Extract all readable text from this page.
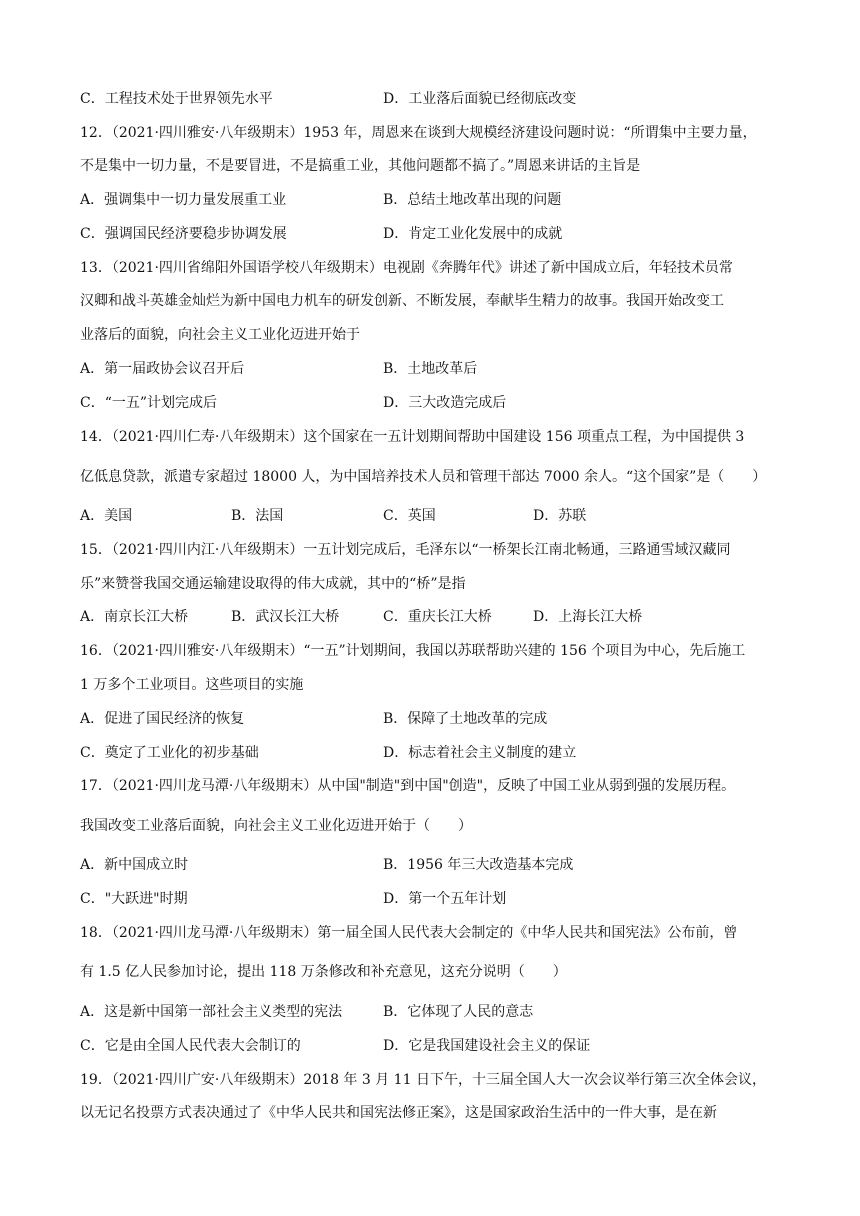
C．工程技术处于世界领先水平	D．工业落后面貌已经彻底改变
12．（2021·四川雅安·八年级期末）1953 年，周恩来在谈到大规模经济建设问题时说：“所谓集中主要力量，
不是集中一切力量，不是要冒进，不是搞重工业，其他问题都不搞了。”周恩来讲话的主旨是
A．强调集中一切力量发展重工业	B．总结土地改革出现的问题
C．强调国民经济要稳步协调发展	D．肯定工业化发展中的成就
13．（2021·四川省绵阳外国语学校八年级期末）电视剧《奔腾年代》讲述了新中国成立后，年轻技术员常
汉卿和战斗英雄金灿烂为新中国电力机车的研发创新、不断发展，奉献毕生精力的故事。我国开始改变工
业落后的面貌，向社会主义工业化迈进开始于
A．第一届政协会议召开后	B．土地改革后
C．“一五”计划完成后	D．三大改造完成后
14．（2021·四川仁寿·八年级期末）这个国家在一五计划期间帮助中国建设 156 项重点工程，为中国提供 3
亿低息贷款，派遣专家超过 18000 人，为中国培养技术人员和管理干部达 7000 余人。“这个国家”是（　　）
A．美国	B．法国	C．英国	D．苏联
15．（2021·四川内江·八年级期末）一五计划完成后，毛泽东以“一桥架长江南北畅通，三路通雪域汉藏同
乐”来赞誉我国交通运输建设取得的伟大成就，其中的“桥”是指
A．南京长江大桥	B．武汉长江大桥	C．重庆长江大桥	D．上海长江大桥
16．（2021·四川雅安·八年级期末）“一五”计划期间，我国以苏联帮助兴建的 156 个项目为中心，先后施工
1 万多个工业项目。这些项目的实施
A．促进了国民经济的恢复	B．保障了土地改革的完成
C．奠定了工业化的初步基础	D．标志着社会主义制度的建立
17．（2021·四川龙马潭·八年级期末）从中国"制造"到中国"创造"，反映了中国工业从弱到强的发展历程。
我国改变工业落后面貌，向社会主义工业化迈进开始于（　　）
A．新中国成立时	B．1956 年三大改造基本完成
C．"大跃进"时期	D．第一个五年计划
18．（2021·四川龙马潭·八年级期末）第一届全国人民代表大会制定的《中华人民共和国宪法》公布前，曾
有 1.5 亿人民参加讨论，提出 118 万条修改和补充意见，这充分说明（　　）
A．这是新中国第一部社会主义类型的宪法	B．它体现了人民的意志
C．它是由全国人民代表大会制订的	D．它是我国建设社会主义的保证
19．（2021·四川广安·八年级期末）2018 年 3 月 11 日下午，十三届全国人大一次会议举行第三次全体会议，
以无记名投票方式表决通过了《中华人民共和国宪法修正案》，这是国家政治生活中的一件大事，是在新
